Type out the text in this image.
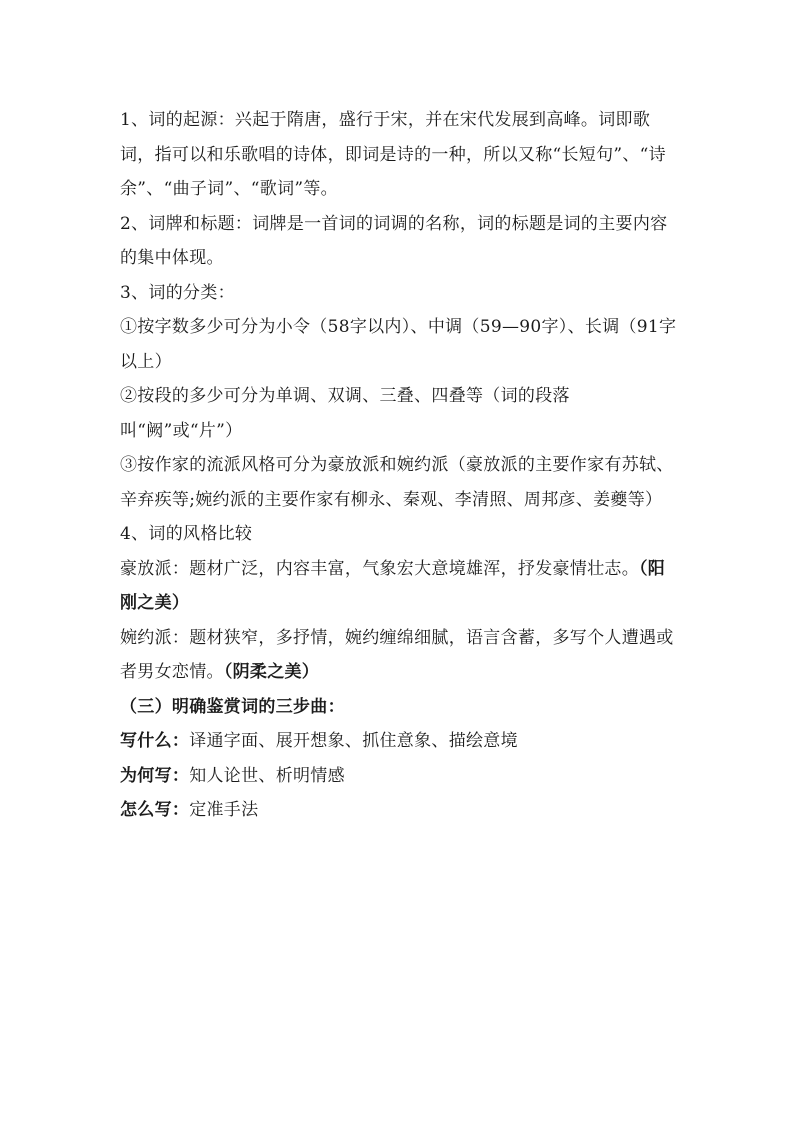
1、词的起源：兴起于隋唐，盛行于宋，并在宋代发展到高峰。词即歌词，指可以和乐歌唱的诗体，即词是诗的一种，所以又称“长短句”、“诗余”、“曲子词”、“歌词”等。

2、词牌和标题：词牌是一首词的词调的名称，词的标题是词的主要内容的集中体现。

3、词的分类：

①按字数多少可分为小令（58字以内）、中调（59—90字）、长调（91字以上）

②按段的多少可分为单调、双调、三叠、四叠等（词的段落叫“阙”或“片”）

③按作家的流派风格可分为豪放派和婉约派（豪放派的主要作家有苏轼、辛弃疾等;婉约派的主要作家有柳永、秦观、李清照、周邦彦、姜夔等）

4、词的风格比较

豪放派：题材广泛，内容丰富，气象宏大意境雄浑，抒发豪情壮志。（阳刚之美）

婉约派：题材狭窄，多抒情，婉约缠绵细腻，语言含蓄，多写个人遭遇或者男女恋情。（阴柔之美）

（三）明确鉴赏词的三步曲：

写什么：译通字面、展开想象、抓住意象、描绘意境

为何写：知人论世、析明情感

怎么写：定准手法
